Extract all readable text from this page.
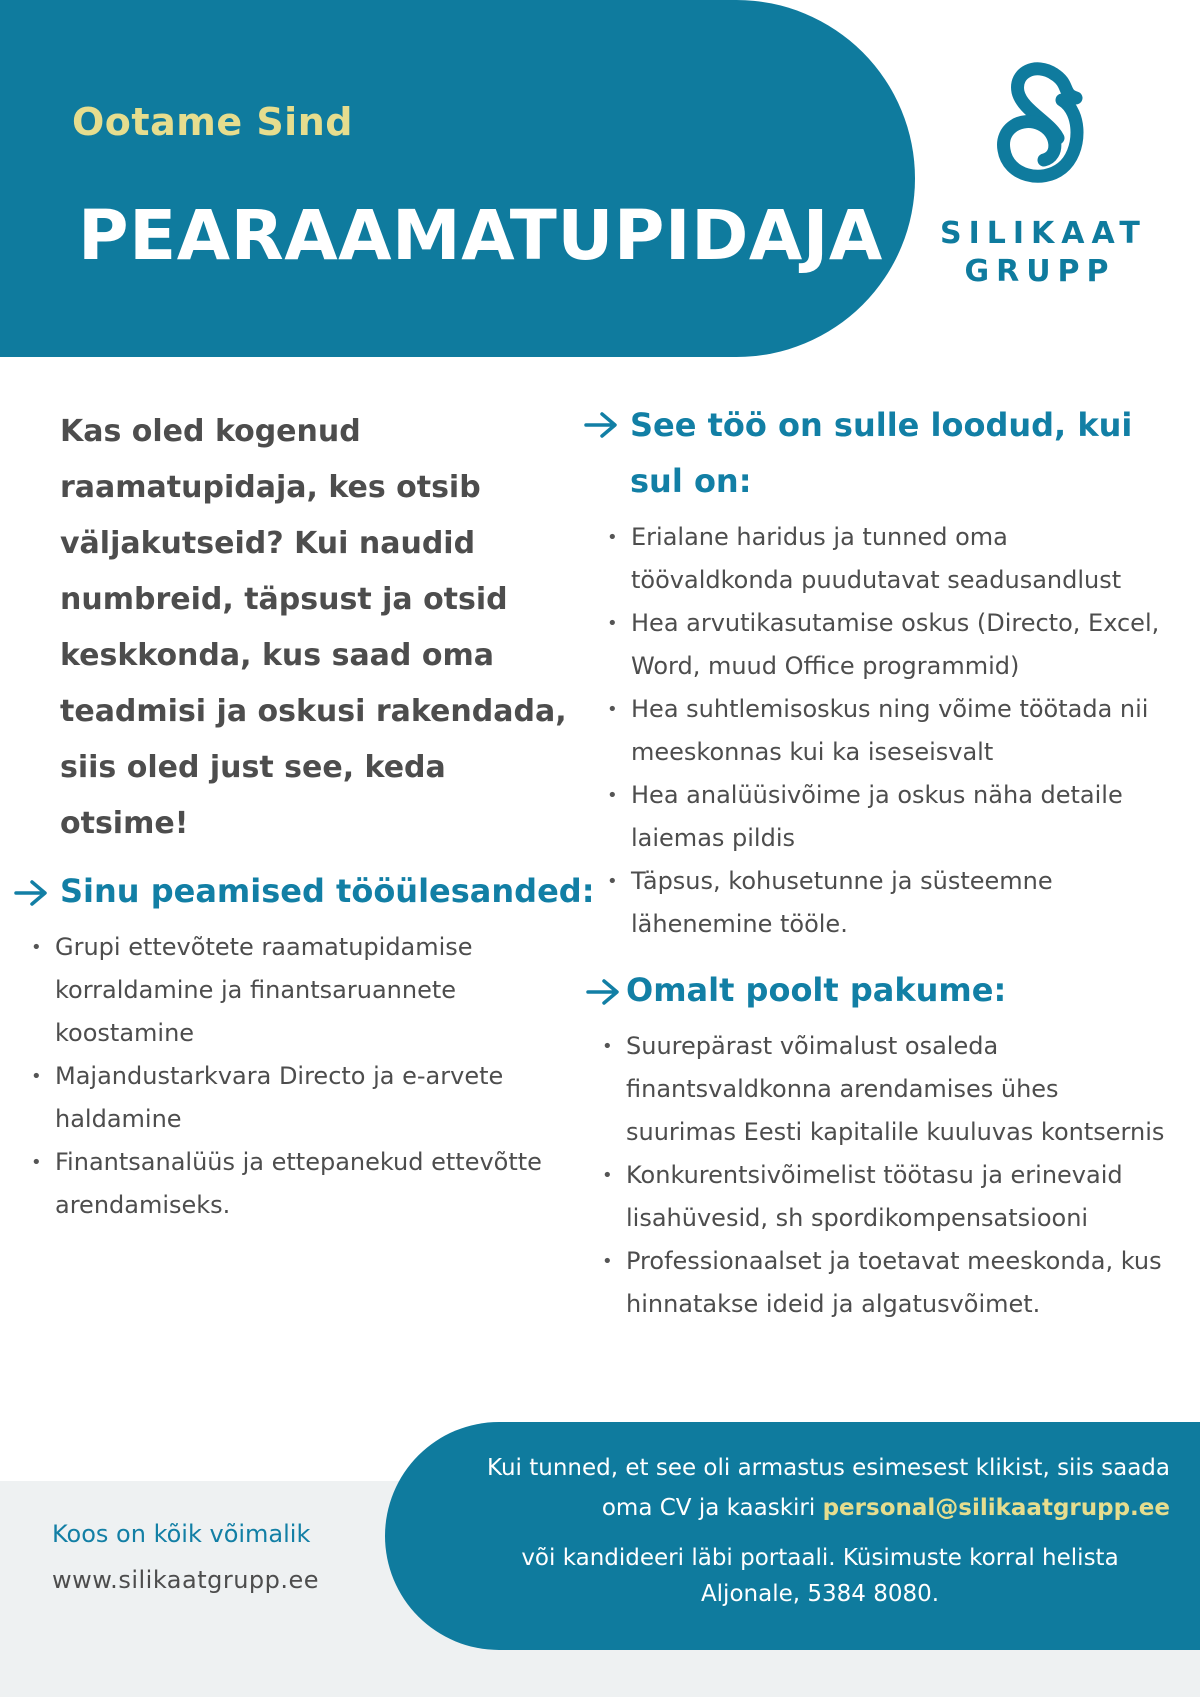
Ootame Sind
PEARAAMATUPIDAJA SILIKAAT
GRUPP
Kas oled kogenud raamatupidaja, kes otsib väljakutseid? Kui naudid numbreid, täpsust ja otsid keskkonda, kus saad oma teadmisi ja oskusi rakendada, siis oled just see, keda otsime!
Sinu peamised tööülesanded:
• Grupi ettevõtete raamatupidamise korraldamine ja finantsaruannete koostamine
• Majandustarkvara Directo ja e-arvete haldamine
• Finantsanalüüs ja ettepanekud ettevõtte arendamiseks.
See töö on sulle loodud, kui sul on:
• Erialane haridus ja tunned oma töövaldkonda puudutavat seadusandlust
• Hea arvutikasutamise oskus (Directo, Excel, Word, muud Office programmid)
• Hea suhtlemisoskus ning võime töötada nii meeskonnas kui ka iseseisvalt
• Hea analüüsivõime ja oskus näha detaile laiemas pildis
• Täpsus, kohusetunne ja süsteemne lähenemine tööle.
Omalt poolt pakume:
• Suurepärast võimalust osaleda finantsvaldkonna arendamises ühes suurimas Eesti kapitalile kuuluvas kontsernis
• Konkurentsivõimelist töötasu ja erinevaid lisahüvesid, sh spordikompensatsiooni
• Professionaalset ja toetavat meeskonda, kus hinnatakse ideid ja algatusvõimet.
Koos on kõik võimalik
www.silikaatgrupp.ee
Kui tunned, et see oli armastus esimesest klikist, siis saada oma CV ja kaaskiri personal@silikaatgrupp.ee
või kandideeri läbi portaali. Küsimuste korral helista Aljonale, 5384 8080.
